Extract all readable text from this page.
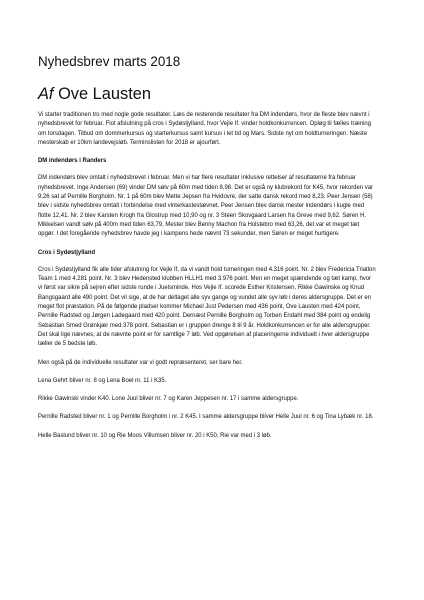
Nyhedsbrev marts 2018
Af Ove Lausten

Vi starter traditionen tro med nogle gode resultater. Læs de resterende resultater fra DM indendørs, hvor de fleste blev nævnt i nyhedsbrevet for februar. Flot afslutning på cros i Sydøstjylland, hvor Vejle If. vinder holdkonkurrencen. Opløg til fælles træning om torsdagen. Tilbud om dommerkursus og starterkursus samt kursus i let tid og Mars. Sidste nyt om holdturneringen. Næste mesterskab er 10km landevejsløb. Terminslisten for 2018 er ajourført.

DM indendørs i Randers

DM indendørs blev omtalt i nyhedsbrevet i februar. Men vi har flere resultater inklusive rettelser af resultaterne fra februar nyhedsbrevet. Inge Andersen (69) vinder DM sølv på 60m med tiden 8,98. Det er også ny klubrekord for K45, hvor rekorden var 9,26 sat af Pernille Borgholm. Nr. 1 på 60m blev Mette Jepsen fra Hvidovre, der satte dansk rekord med 8,23. Peer Jensen (58) blev i sidste nyhedsbrev omtalt i forbindelse med vinterkastestævnet. Peer Jensen blev dansk mester indendørs i kugle med flotte 12,41. Nr. 2 blev Karsten Krogh fra Glostrup med 10,90 og nr. 3 Steen Skovgaard Larsen fra Greve med 9,62. Søren H. Mikkelsen vandt sølv på 400m med tiden 63,79, Mester blev Benny Machon fra Holstebro med 63,26, det var et meget tæt opgør. I det foregående nyhedsbrev havde jeg i kampens hede nævnt 73 sekunder, men Søren er meget hurtigere.

Cros i Sydøstjylland

Cros i Sydøstjylland fik alle tider afslutning for Vejle If, da vi vandt hold turneringen med 4.316 point. Nr. 2 blev Fredericia Triatlon Team 1 med 4.281 point. Nr. 3 blev Hedensted klubben HLLH1 med 3.976 point. Men en meget spændende og tæt kamp, hvor vi først var sikre på sejren efter sidste runde i Juelsminde. Hos Vejle If. scorede Esther Kristensen, Rikke Gawinske og Knud Bangsgaard alle 490 point. Det vil sige, at de har deltaget alle syv gange og vundet alle syv løb i deres aldersgruppe. Det er en meget flot præstation. På de følgende pladser kommer Michael Just Pedersen med 436 point, Ove Lausten med 424 point, Pernille Radsted og Jørgen Ladegaard med 420 point. Dernæst Pernille Borgholm og Torben Endahl med 384 point og endelig Sebastian Smed Grønkjær med 378 point. Sebastian er i gruppen drenge 8 til 9 år. Holdkonkurrencen er for alle aldersgrupper. Det skal lige nævnes, at de nævnte point er for samtlige 7 løb. Ved opgørelsen af placeringerne individuelt i hver aldersgruppe tæller de 5 bedste løb.

Men også på de individuelle resultater var vi godt repræsenteret, ser bare her.

Lena Gehrt bliver nr. 8 og Lena Boel nr. 11 i K35.

Rikke Gawinski vinder K40. Lone Juul bliver nr. 7 og Karen Jeppesen nr. 17 i samme aldersgruppe.

Pernille Radsted bliver nr. 1 og Pernille Borgholm i nr. 2 K45. I samme aldersgruppe bliver Helle Juul nr. 6 og Tina Lybæk nr. 18.

Helle Baslund bliver nr. 10 og Rie Moos Villumsen bliver nr. 20 i K50. Rie var med i 3 løb.
